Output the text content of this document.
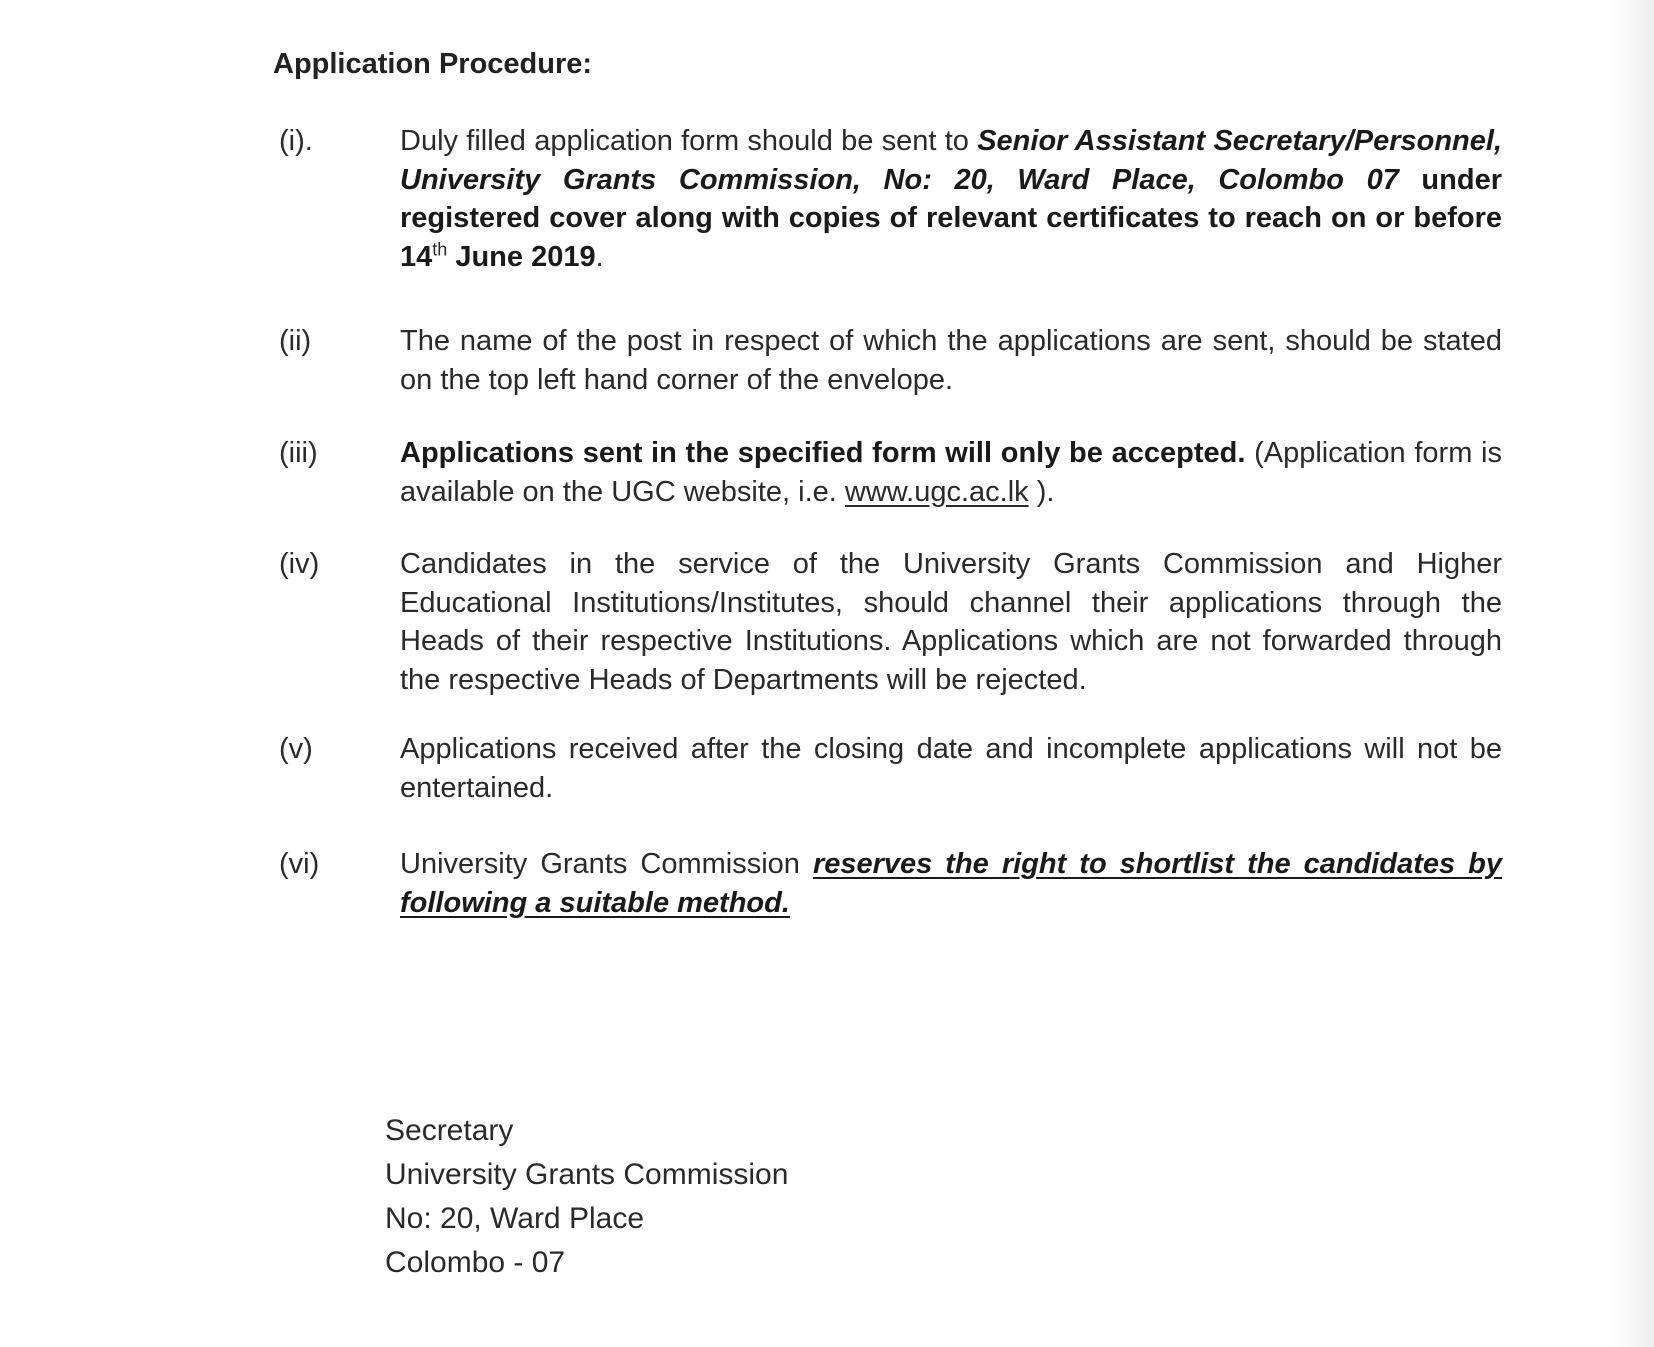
Application Procedure:
(i).	Duly filled application form should be sent to Senior Assistant Secretary/Personnel, University Grants Commission, No: 20, Ward Place, Colombo 07 under registered cover along with copies of relevant certificates to reach on or before 14th June 2019.
(ii)	The name of the post in respect of which the applications are sent, should be stated on the top left hand corner of the envelope.
(iii)	Applications sent in the specified form will only be accepted. (Application form is available on the UGC website, i.e. www.ugc.ac.lk ).
(iv)	Candidates in the service of the University Grants Commission and Higher Educational Institutions/Institutes, should channel their applications through the Heads of their respective Institutions. Applications which are not forwarded through the respective Heads of Departments will be rejected.
(v)	Applications received after the closing date and incomplete applications will not be entertained.
(vi)	University Grants Commission reserves the right to shortlist the candidates by following a suitable method.
Secretary
University Grants Commission
No: 20, Ward Place
Colombo - 07
